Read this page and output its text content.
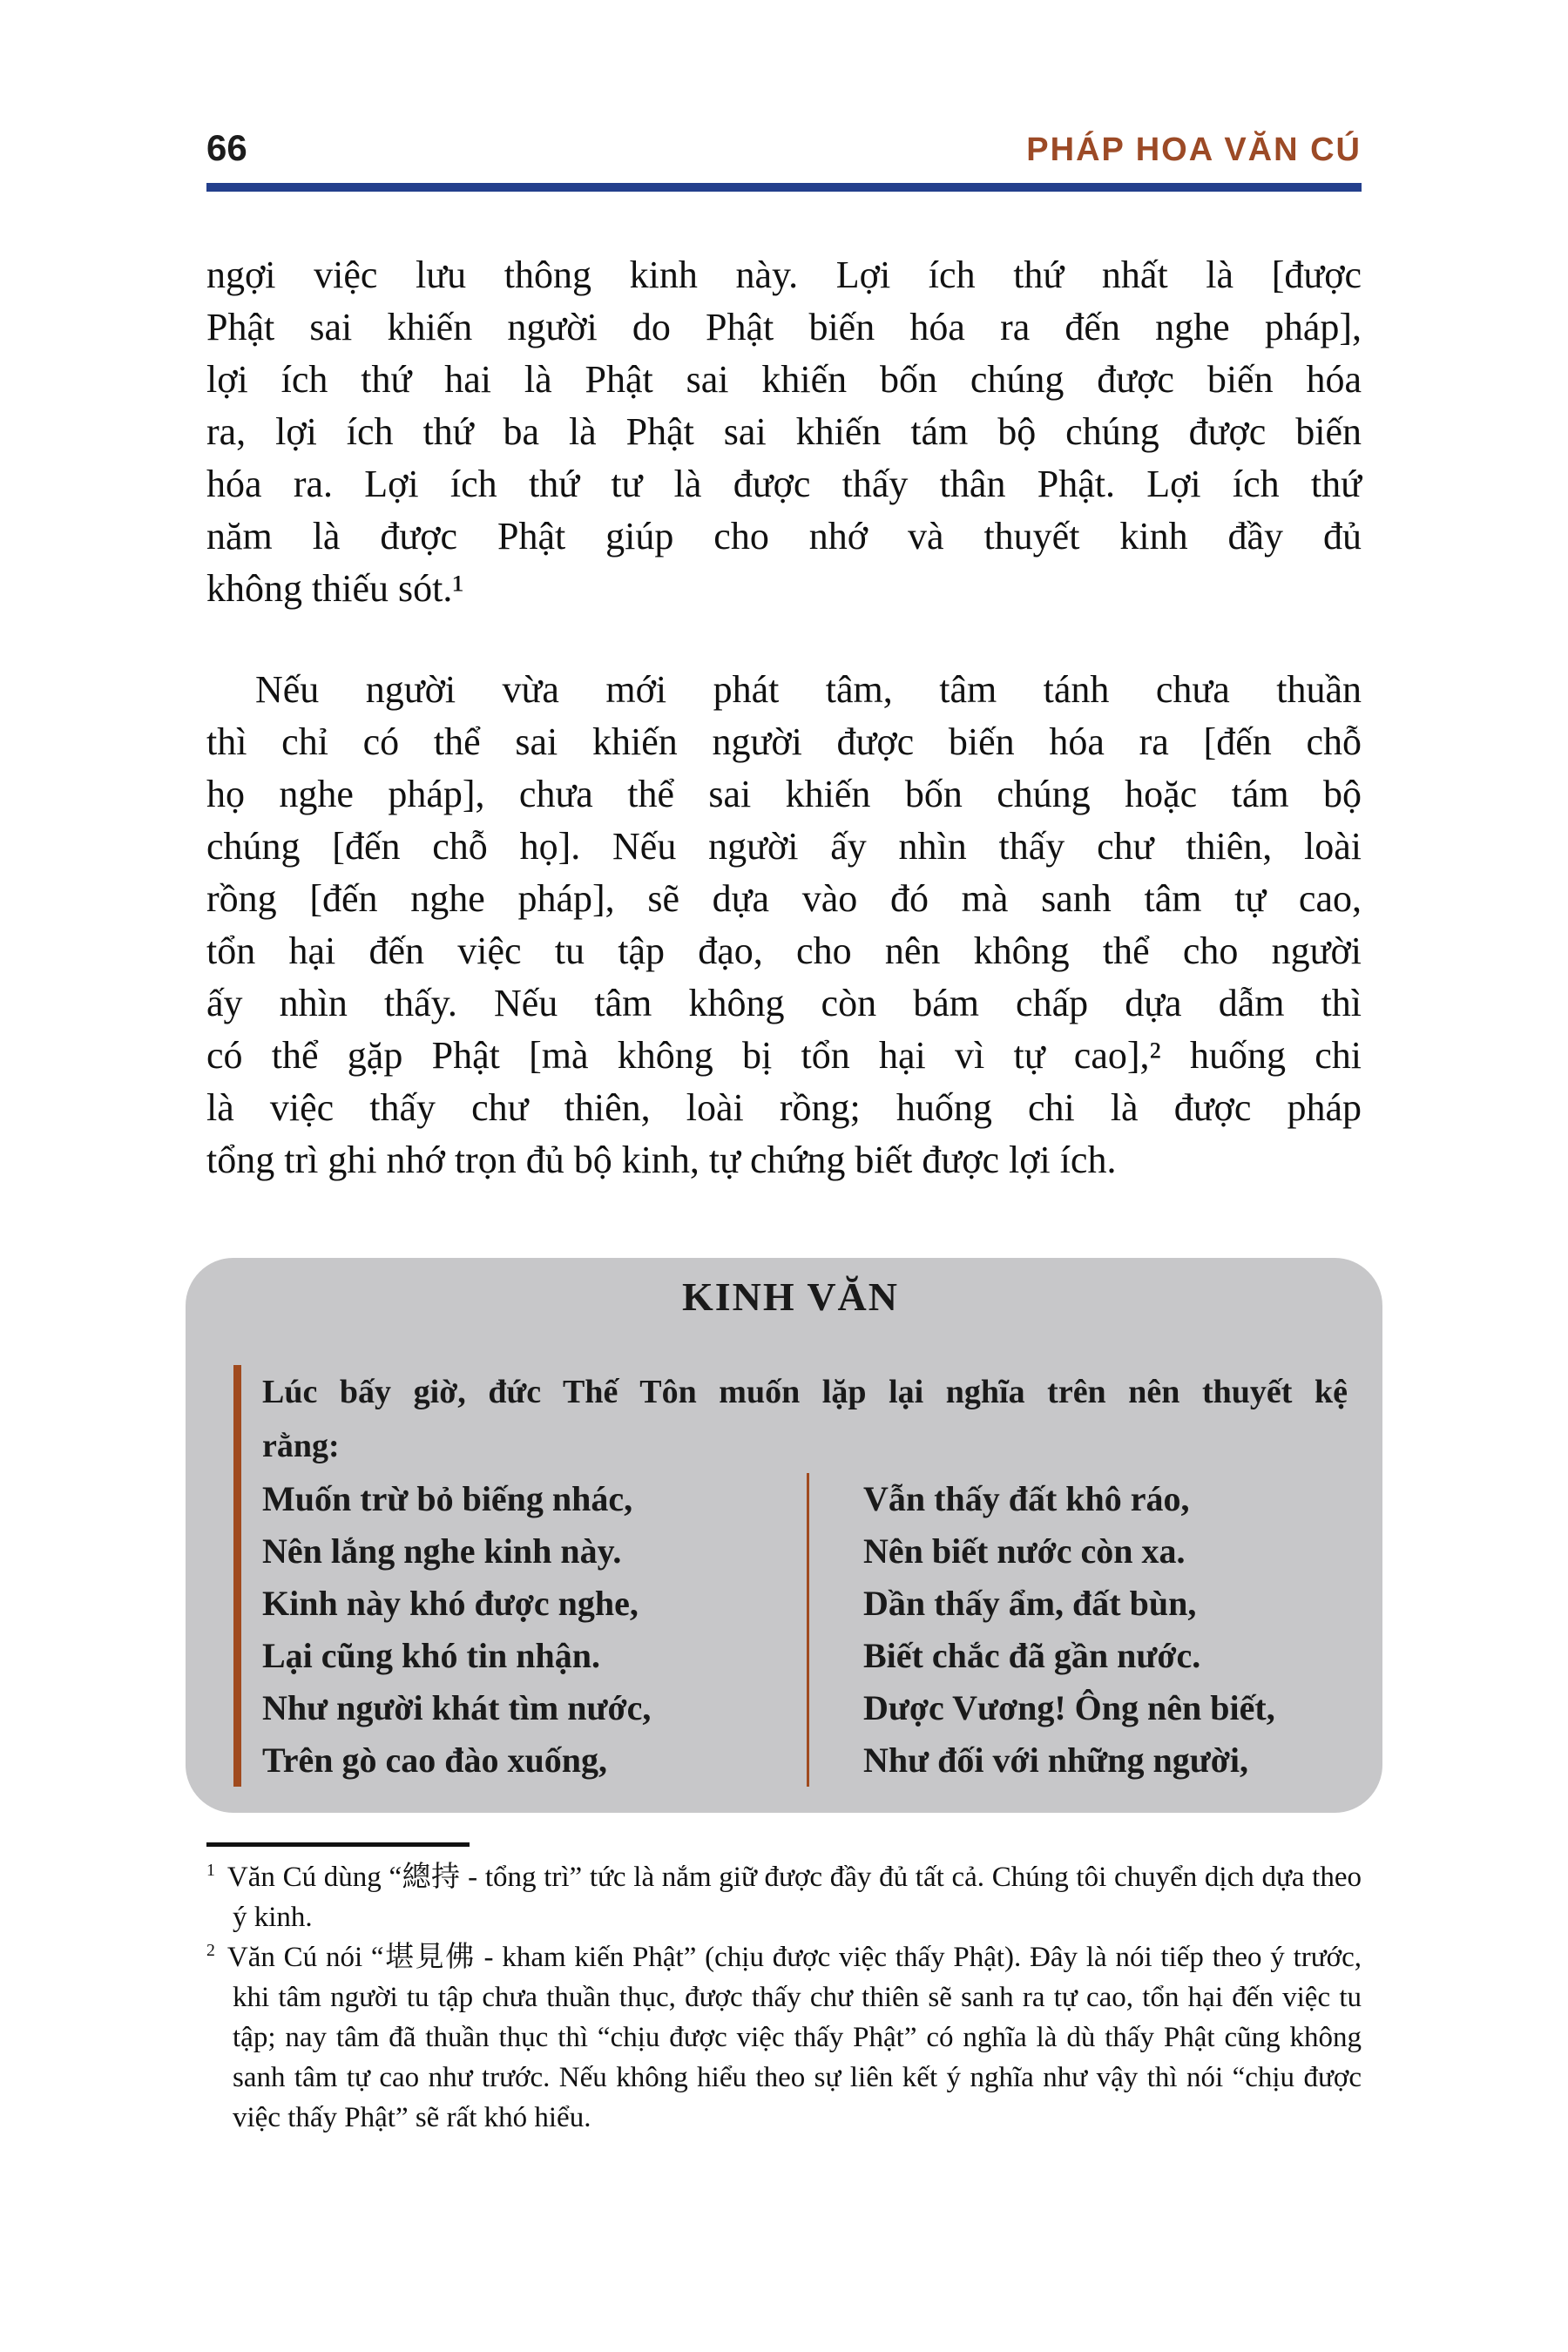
66	PHÁP HOA VĂN CÚ
ngợi việc lưu thông kinh này. Lợi ích thứ nhất là [được
Phật sai khiến người do Phật biến hóa ra đến nghe pháp],
lợi ích thứ hai là Phật sai khiến bốn chúng được biến hóa
ra, lợi ích thứ ba là Phật sai khiến tám bộ chúng được biến
hóa ra. Lợi ích thứ tư là được thấy thân Phật. Lợi ích thứ
năm là được Phật giúp cho nhớ và thuyết kinh đầy đủ
không thiếu sót.¹
Nếu người vừa mới phát tâm, tâm tánh chưa thuần
thì chỉ có thể sai khiến người được biến hóa ra [đến chỗ
họ nghe pháp], chưa thể sai khiến bốn chúng hoặc tám bộ
chúng [đến chỗ họ]. Nếu người ấy nhìn thấy chư thiên, loài
rồng [đến nghe pháp], sẽ dựa vào đó mà sanh tâm tự cao,
tổn hại đến việc tu tập đạo, cho nên không thể cho người
ấy nhìn thấy. Nếu tâm không còn bám chấp dựa dẫm thì
có thể gặp Phật [mà không bị tổn hại vì tự cao],² huống chi
là việc thấy chư thiên, loài rồng; huống chi là được pháp
tổng trì ghi nhớ trọn đủ bộ kinh, tự chứng biết được lợi ích.
KINH VĂN
Lúc bấy giờ, đức Thế Tôn muốn lặp lại nghĩa trên nên thuyết kệ
rằng:
Muốn trừ bỏ biếng nhác,
Nên lắng nghe kinh này.
Kinh này khó được nghe,
Lại cũng khó tin nhận.
Như người khát tìm nước,
Trên gò cao đào xuống,
Vẫn thấy đất khô ráo,
Nên biết nước còn xa.
Dần thấy ẩm, đất bùn,
Biết chắc đã gần nước.
Dược Vương! Ông nên biết,
Như đối với những người,
$^1$ Văn Cú dùng “總持 - tổng trì” tức là nắm giữ được đầy đủ tất cả. Chúng tôi chuyển dịch dựa theo ý kinh.
$^2$ Văn Cú nói “堪見佛 - kham kiến Phật” (chịu được việc thấy Phật). Đây là nói tiếp theo ý trước, khi tâm người tu tập chưa thuần thục, được thấy chư thiên sẽ sanh ra tự cao, tổn hại đến việc tu tập; nay tâm đã thuần thục thì “chịu được việc thấy Phật” có nghĩa là dù thấy Phật cũng không sanh tâm tự cao như trước. Nếu không hiểu theo sự liên kết ý nghĩa như vậy thì nói “chịu được việc thấy Phật” sẽ rất khó hiểu.
